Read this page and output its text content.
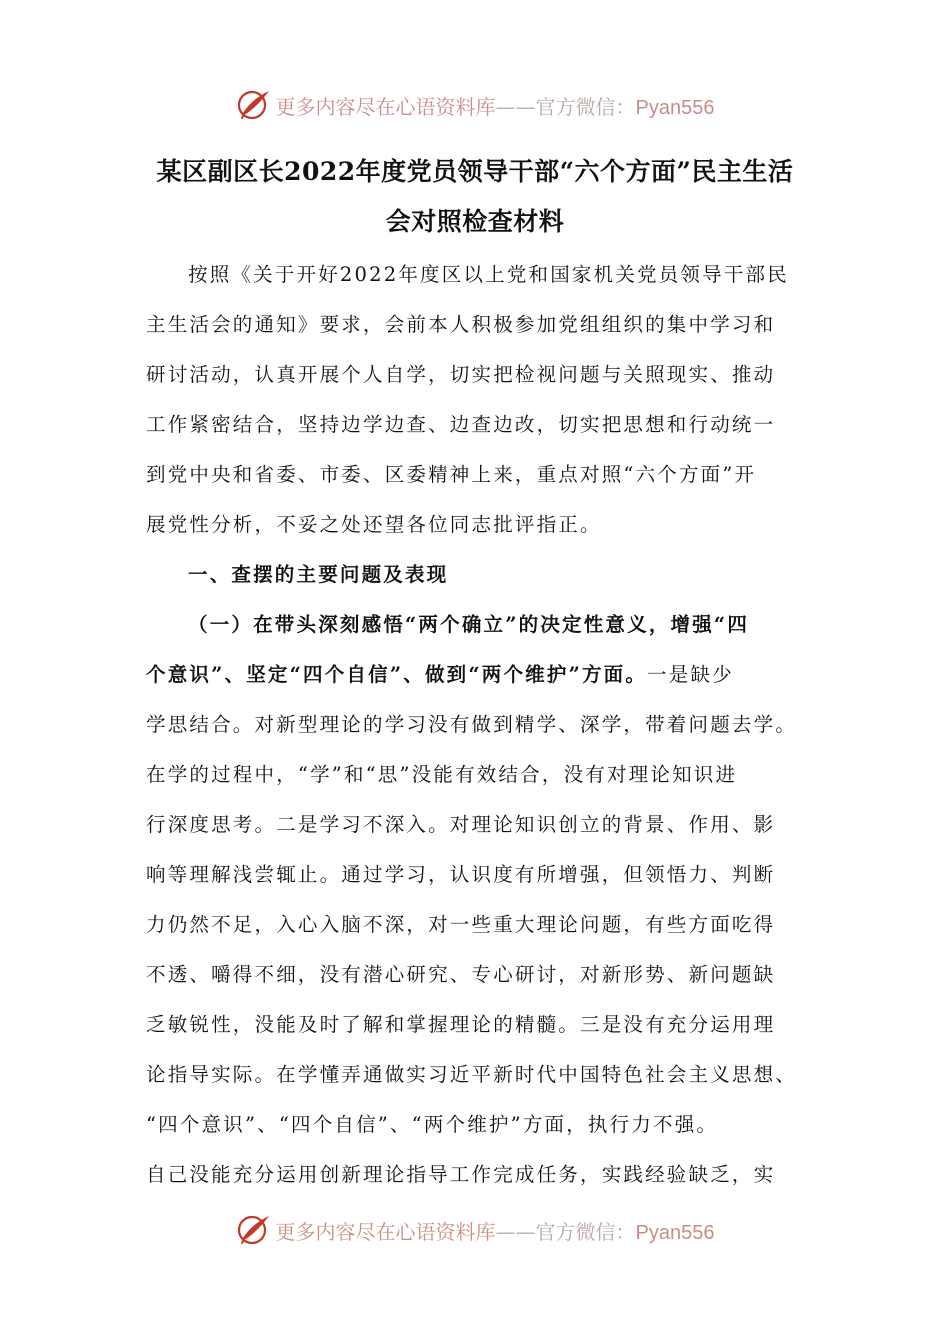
更多内容尽在心语资料库——官方微信：Pyan556
某区副区长2022年度党员领导干部“六个方面”民主生活
会对照检查材料
按照《关于开好2022年度区以上党和国家机关党员领导干部民
主生活会的通知》要求，会前本人积极参加党组组织的集中学习和
研讨活动，认真开展个人自学，切实把检视问题与关照现实、推动
工作紧密结合，坚持边学边查、边查边改，切实把思想和行动统一
到党中央和省委、市委、区委精神上来，重点对照“六个方面”开
展党性分析，不妥之处还望各位同志批评指正。
一、查摆的主要问题及表现
（一）在带头深刻感悟“两个确立”的决定性意义，增强“四
个意识”、坚定“四个自信”、做到“两个维护”方面。一是缺少
学思结合。对新型理论的学习没有做到精学、深学，带着问题去学。
在学的过程中，“学”和“思”没能有效结合，没有对理论知识进
行深度思考。二是学习不深入。对理论知识创立的背景、作用、影
响等理解浅尝辄止。通过学习，认识度有所增强，但领悟力、判断
力仍然不足，入心入脑不深，对一些重大理论问题，有些方面吃得
不透、嚼得不细，没有潜心研究、专心研讨，对新形势、新问题缺
乏敏锐性，没能及时了解和掌握理论的精髓。三是没有充分运用理
论指导实际。在学懂弄通做实习近平新时代中国特色社会主义思想、
“四个意识”、“四个自信”、“两个维护”方面，执行力不强。
自己没能充分运用创新理论指导工作完成任务，实践经验缺乏，实
更多内容尽在心语资料库——官方微信：Pyan556
